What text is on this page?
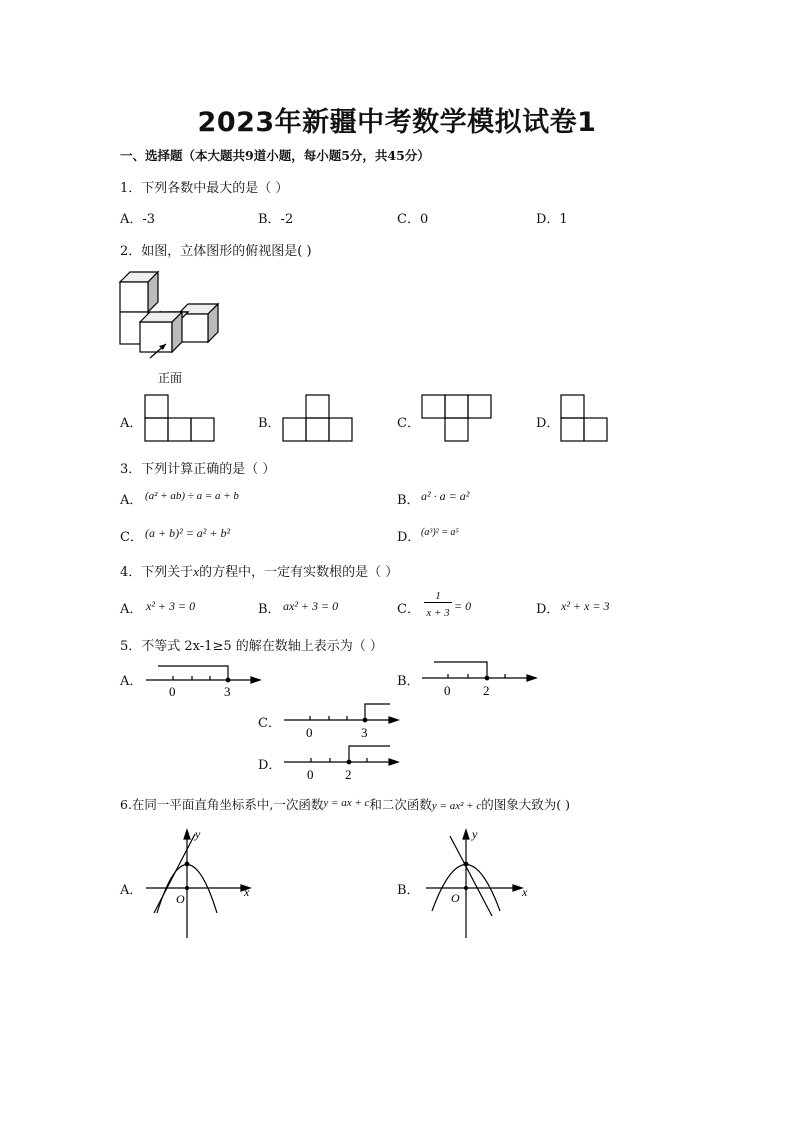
2023年新疆中考数学模拟试卷1
一、选择题（本大题共9道小题，每小题5分，共45分）
1．下列各数中最大的是（ ）
A．-3	B．-2	C．0	D．1
2．如图，立体图形的俯视图是( )
正面
A．	B．	C．	D．
3．下列计算正确的是（ ）
A． (a² + ab) ÷ a = a + b	B． a² · a = a²
C． (a + b)² = a² + b²	D． (a³)² = a⁵
4．下列关于x的方程中，一定有实数根的是（ ）
A． x² + 3 = 0	B． ax² + 3 = 0	C．
1
x + 3 = 0	D． x² + x = 3
5．不等式 2x-1≥5 的解在数轴上表示为（ ）
A．
0	3
B．
0	2
C．
0	3
D．
0 2
6.在同一平面直角坐标系中,一次函数y = ax + c和二次函数y = ax² + c的图象大致为( )
A．
y
x
O
B．
y
x
O
